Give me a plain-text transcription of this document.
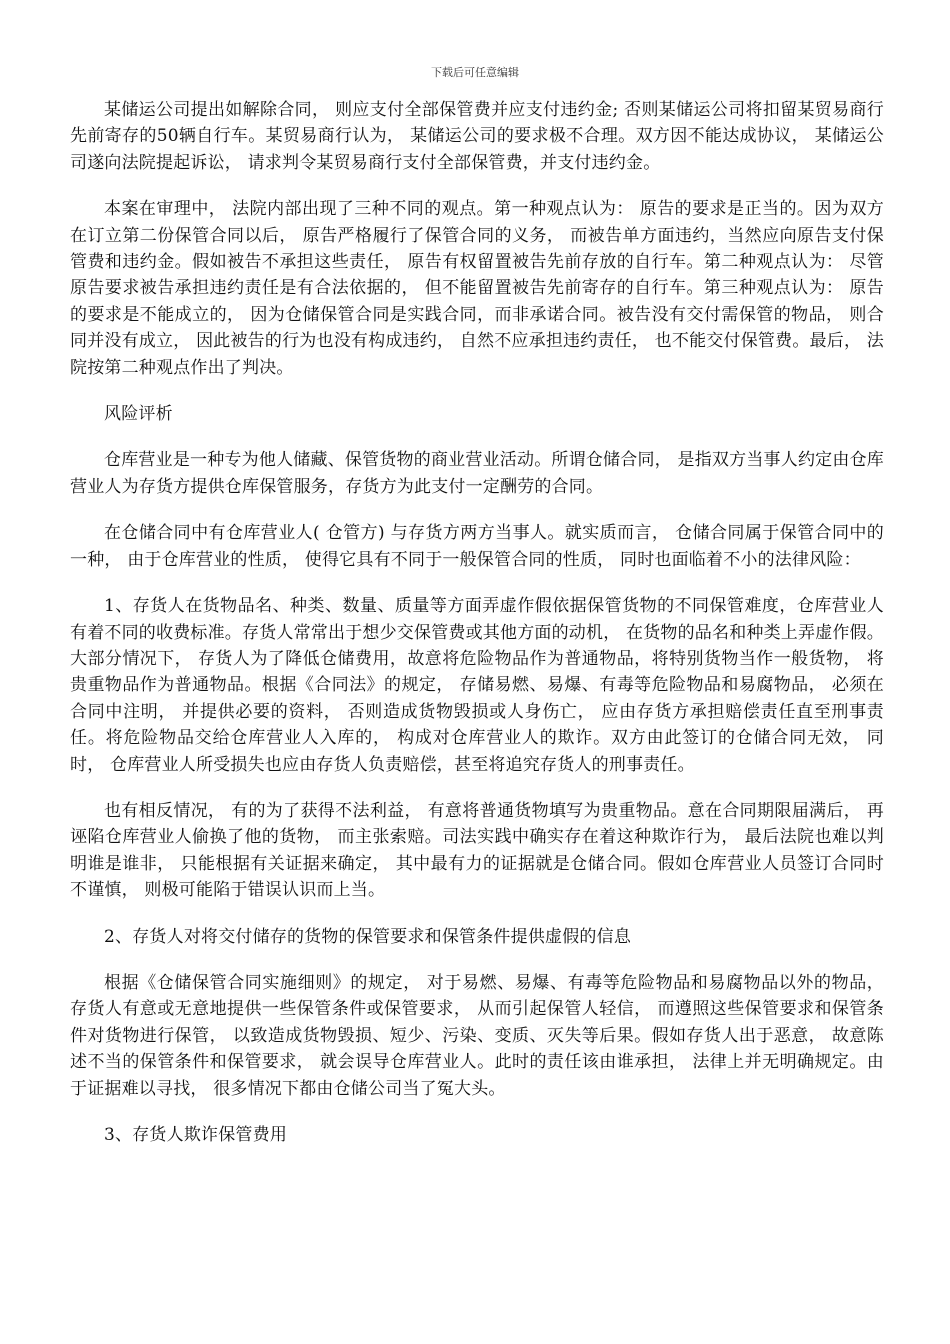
下载后可任意编辑

某储运公司提出如解除合同， 则应支付全部保管费并应支付违约金; 否则某储运公司将扣留某贸易商行先前寄存的50辆自行车。某贸易商行认为， 某储运公司的要求极不合理。双方因不能达成协议， 某储运公司遂向法院提起诉讼， 请求判令某贸易商行支付全部保管费，并支付违约金。

本案在审理中， 法院内部出现了三种不同的观点。第一种观点认为： 原告的要求是正当的。因为双方在订立第二份保管合同以后， 原告严格履行了保管合同的义务， 而被告单方面违约，当然应向原告支付保管费和违约金。假如被告不承担这些责任， 原告有权留置被告先前存放的自行车。第二种观点认为： 尽管原告要求被告承担违约责任是有合法依据的， 但不能留置被告先前寄存的自行车。第三种观点认为： 原告的要求是不能成立的， 因为仓储保管合同是实践合同，而非承诺合同。被告没有交付需保管的物品， 则合同并没有成立， 因此被告的行为也没有构成违约， 自然不应承担违约责任， 也不能交付保管费。最后， 法院按第二种观点作出了判决。

风险评析

仓库营业是一种专为他人储藏、保管货物的商业营业活动。所谓仓储合同， 是指双方当事人约定由仓库营业人为存货方提供仓库保管服务，存货方为此支付一定酬劳的合同。

在仓储合同中有仓库营业人( 仓管方) 与存货方两方当事人。就实质而言， 仓储合同属于保管合同中的一种， 由于仓库营业的性质， 使得它具有不同于一般保管合同的性质， 同时也面临着不小的法律风险：

1、存货人在货物品名、种类、数量、质量等方面弄虚作假依据保管货物的不同保管难度，仓库营业人有着不同的收费标准。存货人常常出于想少交保管费或其他方面的动机， 在货物的品名和种类上弄虚作假。大部分情况下， 存货人为了降低仓储费用，故意将危险物品作为普通物品，将特别货物当作一般货物， 将贵重物品作为普通物品。根据《合同法》的规定， 存储易燃、易爆、有毒等危险物品和易腐物品， 必须在合同中注明， 并提供必要的资料， 否则造成货物毁损或人身伤亡， 应由存货方承担赔偿责任直至刑事责任。将危险物品交给仓库营业人入库的， 构成对仓库营业人的欺诈。双方由此签订的仓储合同无效， 同时， 仓库营业人所受损失也应由存货人负责赔偿，甚至将追究存货人的刑事责任。

也有相反情况， 有的为了获得不法利益， 有意将普通货物填写为贵重物品。意在合同期限届满后， 再诬陷仓库营业人偷换了他的货物， 而主张索赔。司法实践中确实存在着这种欺诈行为， 最后法院也难以判明谁是谁非， 只能根据有关证据来确定， 其中最有力的证据就是仓储合同。假如仓库营业人员签订合同时不谨慎， 则极可能陷于错误认识而上当。

2、存货人对将交付储存的货物的保管要求和保管条件提供虚假的信息

根据《仓储保管合同实施细则》的规定， 对于易燃、易爆、有毒等危险物品和易腐物品以外的物品， 存货人有意或无意地提供一些保管条件或保管要求， 从而引起保管人轻信， 而遵照这些保管要求和保管条件对货物进行保管， 以致造成货物毁损、短少、污染、变质、灭失等后果。假如存货人出于恶意， 故意陈述不当的保管条件和保管要求， 就会误导仓库营业人。此时的责任该由谁承担， 法律上并无明确规定。由于证据难以寻找， 很多情况下都由仓储公司当了冤大头。

3、存货人欺诈保管费用
